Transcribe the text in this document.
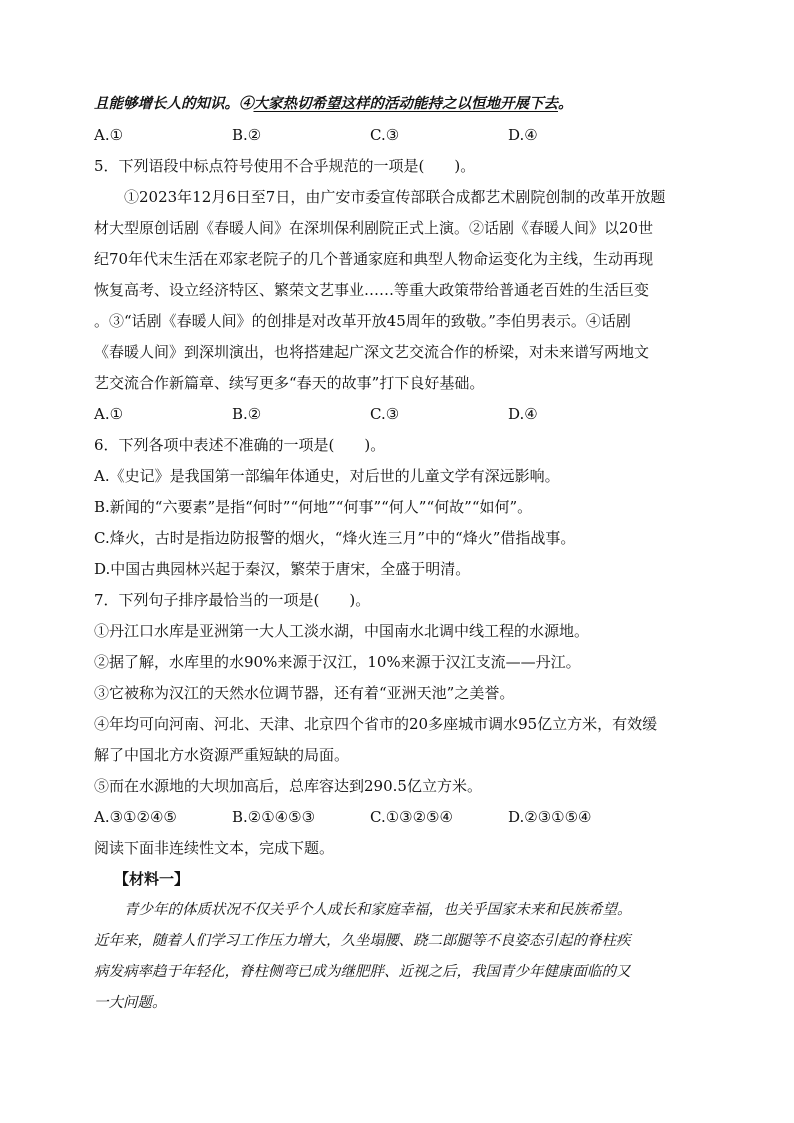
且能够增长人的知识。④大家热切希望这样的活动能持之以恒地开展下去。
A.①	B.②	C.③	D.④
5．下列语段中标点符号使用不合乎规范的一项是(　　)。
①2023年12月6日至7日，由广安市委宣传部联合成都艺术剧院创制的改革开放题
材大型原创话剧《春暖人间》在深圳保利剧院正式上演。②话剧《春暖人间》以20世
纪70年代末生活在邓家老院子的几个普通家庭和典型人物命运变化为主线，生动再现
恢复高考、设立经济特区、繁荣文艺事业……等重大政策带给普通老百姓的生活巨变
。③“话剧《春暖人间》的创排是对改革开放45周年的致敬。”李伯男表示。④话剧
《春暖人间》到深圳演出，也将搭建起广深文艺交流合作的桥梁，对未来谱写两地文
艺交流合作新篇章、续写更多“春天的故事”打下良好基础。
A.①	B.②	C.③	D.④
6．下列各项中表述不准确的一项是(　　)。
A.《史记》是我国第一部编年体通史，对后世的儿童文学有深远影响。
B.新闻的“六要素”是指“何时”“何地”“何事”“何人”“何故”“如何”。
C.烽火，古时是指边防报警的烟火，“烽火连三月”中的“烽火”借指战事。
D.中国古典园林兴起于秦汉，繁荣于唐宋，全盛于明清。
7．下列句子排序最恰当的一项是(　　)。
①丹江口水库是亚洲第一大人工淡水湖，中国南水北调中线工程的水源地。
②据了解，水库里的水90%来源于汉江，10%来源于汉江支流——丹江。
③它被称为汉江的天然水位调节器，还有着“亚洲天池”之美誉。
④年均可向河南、河北、天津、北京四个省市的20多座城市调水95亿立方米，有效缓
解了中国北方水资源严重短缺的局面。
⑤而在水源地的大坝加高后，总库容达到290.5亿立方米。
A.③①②④⑤	B.②①④⑤③	C.①③②⑤④	D.②③①⑤④
阅读下面非连续性文本，完成下题。
【材料一】
青少年的体质状况不仅关乎个人成长和家庭幸福，也关乎国家未来和民族希望。
近年来，随着人们学习工作压力增大，久坐塌腰、跷二郎腿等不良姿态引起的脊柱疾
病发病率趋于年轻化，脊柱侧弯已成为继肥胖、近视之后，我国青少年健康面临的又
一大问题。
